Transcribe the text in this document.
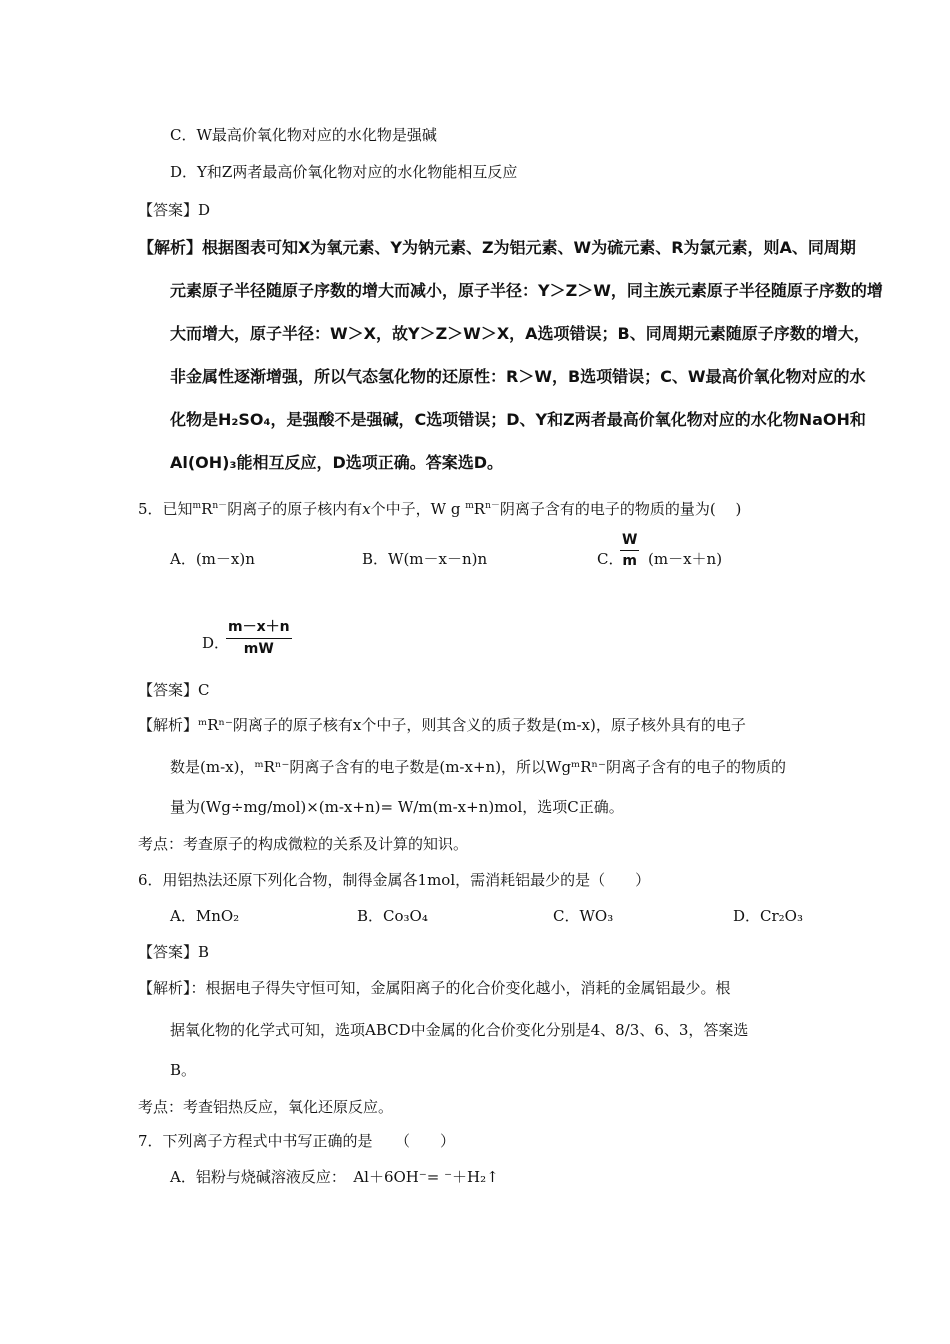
C．W最高价氧化物对应的水化物是强碱
D．Y和Z两者最高价氧化物对应的水化物能相互反应
【答案】D
【解析】根据图表可知X为氧元素、Y为钠元素、Z为铝元素、W为硫元素、R为氯元素，则A、同周期
元素原子半径随原子序数的增大而减小，原子半径：Y＞Z＞W，同主族元素原子半径随原子序数的增
大而增大，原子半径：W＞X，故Y＞Z＞W＞X，A选项错误；B、同周期元素随原子序数的增大，
非金属性逐渐增强，所以气态氢化物的还原性：R＞W，B选项错误；C、W最高价氧化物对应的水
化物是H₂SO₄，是强酸不是强碱，C选项错误；D、Y和Z两者最高价氧化物对应的水化物NaOH和
Al(OH)₃能相互反应，D选项正确。答案选D。
5．已知$^mR^{n-}$阴离子的原子核内有x个中子，W g $^mR^{n-}$阴离子含有的电子的物质的量为(　 )
A．(m－x)n	B．W(m－x－n)n	C．
W
m (m－x＋n)
D．
m－x＋n
mW
【答案】C
【解析】ᵐRⁿ⁻阴离子的原子核有x个中子，则其含义的质子数是(m-x)，原子核外具有的电子
数是(m-x)，ᵐRⁿ⁻阴离子含有的电子数是(m-x+n)，所以WgᵐRⁿ⁻阴离子含有的电子的物质的
量为(Wg÷mg/mol)×(m-x+n)= W/m(m-x+n)mol，选项C正确。
考点：考查原子的构成微粒的关系及计算的知识。
6．用铝热法还原下列化合物，制得金属各1mol，需消耗铝最少的是（　　）
A．MnO₂	B．Co₃O₄	C．WO₃	D．Cr₂O₃
【答案】B
【解析】：根据电子得失守恒可知，金属阳离子的化合价变化越小，消耗的金属铝最少。根
据氧化物的化学式可知，选项ABCD中金属的化合价变化分别是4、8/3、6、3，答案选
B。
考点：考查铝热反应，氧化还原反应。
7．下列离子方程式中书写正确的是　　（　　）
A．铝粉与烧碱溶液反应：　Al＋6OH⁻= ⁻＋H₂↑
